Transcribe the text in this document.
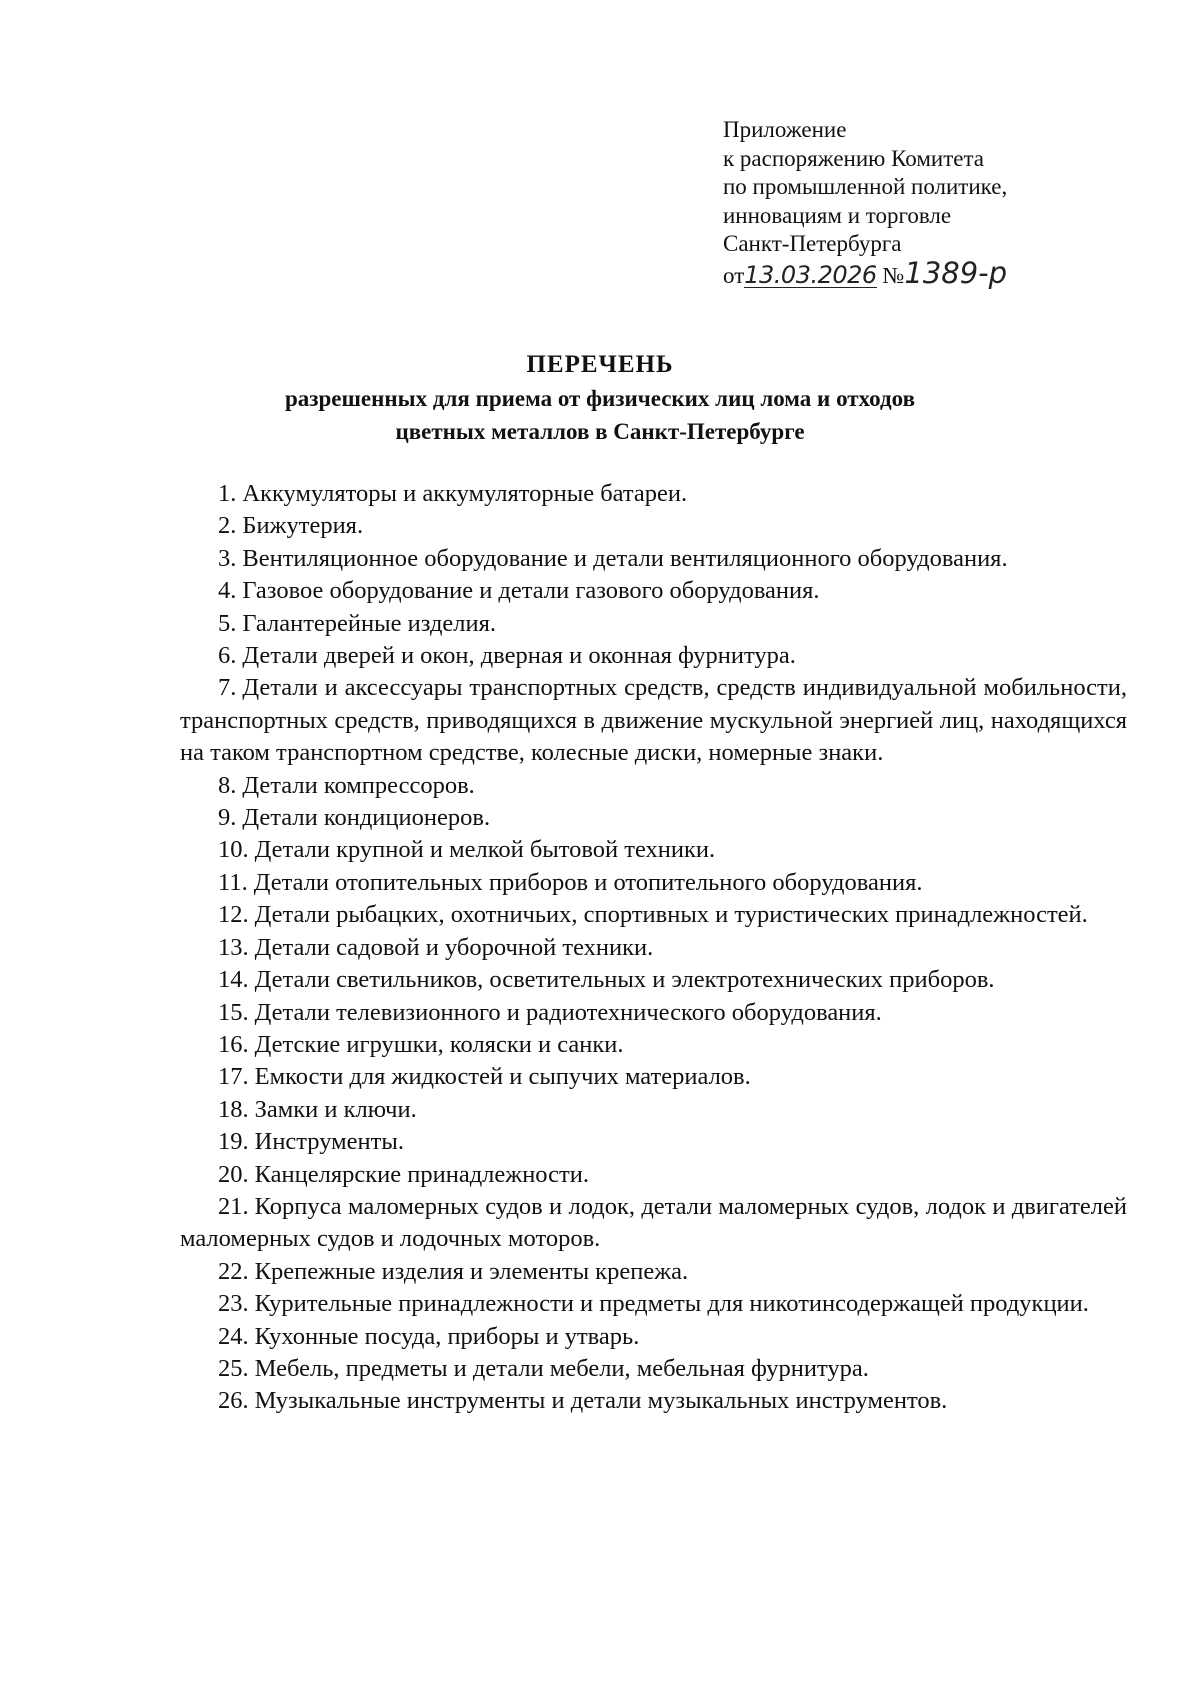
Приложение
к распоряжению Комитета
по промышленной политике,
инновациям и торговле
Санкт-Петербурга
от13.03.2026 №1389-р
ПЕРЕЧЕНЬ
разрешенных для приема от физических лиц лома и отходов
цветных металлов в Санкт-Петербурге
1. Аккумуляторы и аккумуляторные батареи.
2. Бижутерия.
3. Вентиляционное оборудование и детали вентиляционного оборудования.
4. Газовое оборудование и детали газового оборудования.
5. Галантерейные изделия.
6. Детали дверей и окон, дверная и оконная фурнитура.
7. Детали и аксессуары транспортных средств, средств индивидуальной мобильности, транспортных средств, приводящихся в движение мускульной энергией лиц, находящихся на таком транспортном средстве, колесные диски, номерные знаки.
8. Детали компрессоров.
9. Детали кондиционеров.
10. Детали крупной и мелкой бытовой техники.
11. Детали отопительных приборов и отопительного оборудования.
12. Детали рыбацких, охотничьих, спортивных и туристических принадлежностей.
13. Детали садовой и уборочной техники.
14. Детали светильников, осветительных и электротехнических приборов.
15. Детали телевизионного и радиотехнического оборудования.
16. Детские игрушки, коляски и санки.
17. Емкости для жидкостей и сыпучих материалов.
18. Замки и ключи.
19. Инструменты.
20. Канцелярские принадлежности.
21. Корпуса маломерных судов и лодок, детали маломерных судов, лодок и двигателей маломерных судов и лодочных моторов.
22. Крепежные изделия и элементы крепежа.
23. Курительные принадлежности и предметы для никотинсодержащей продукции.
24. Кухонные посуда, приборы и утварь.
25. Мебель, предметы и детали мебели, мебельная фурнитура.
26. Музыкальные инструменты и детали музыкальных инструментов.
